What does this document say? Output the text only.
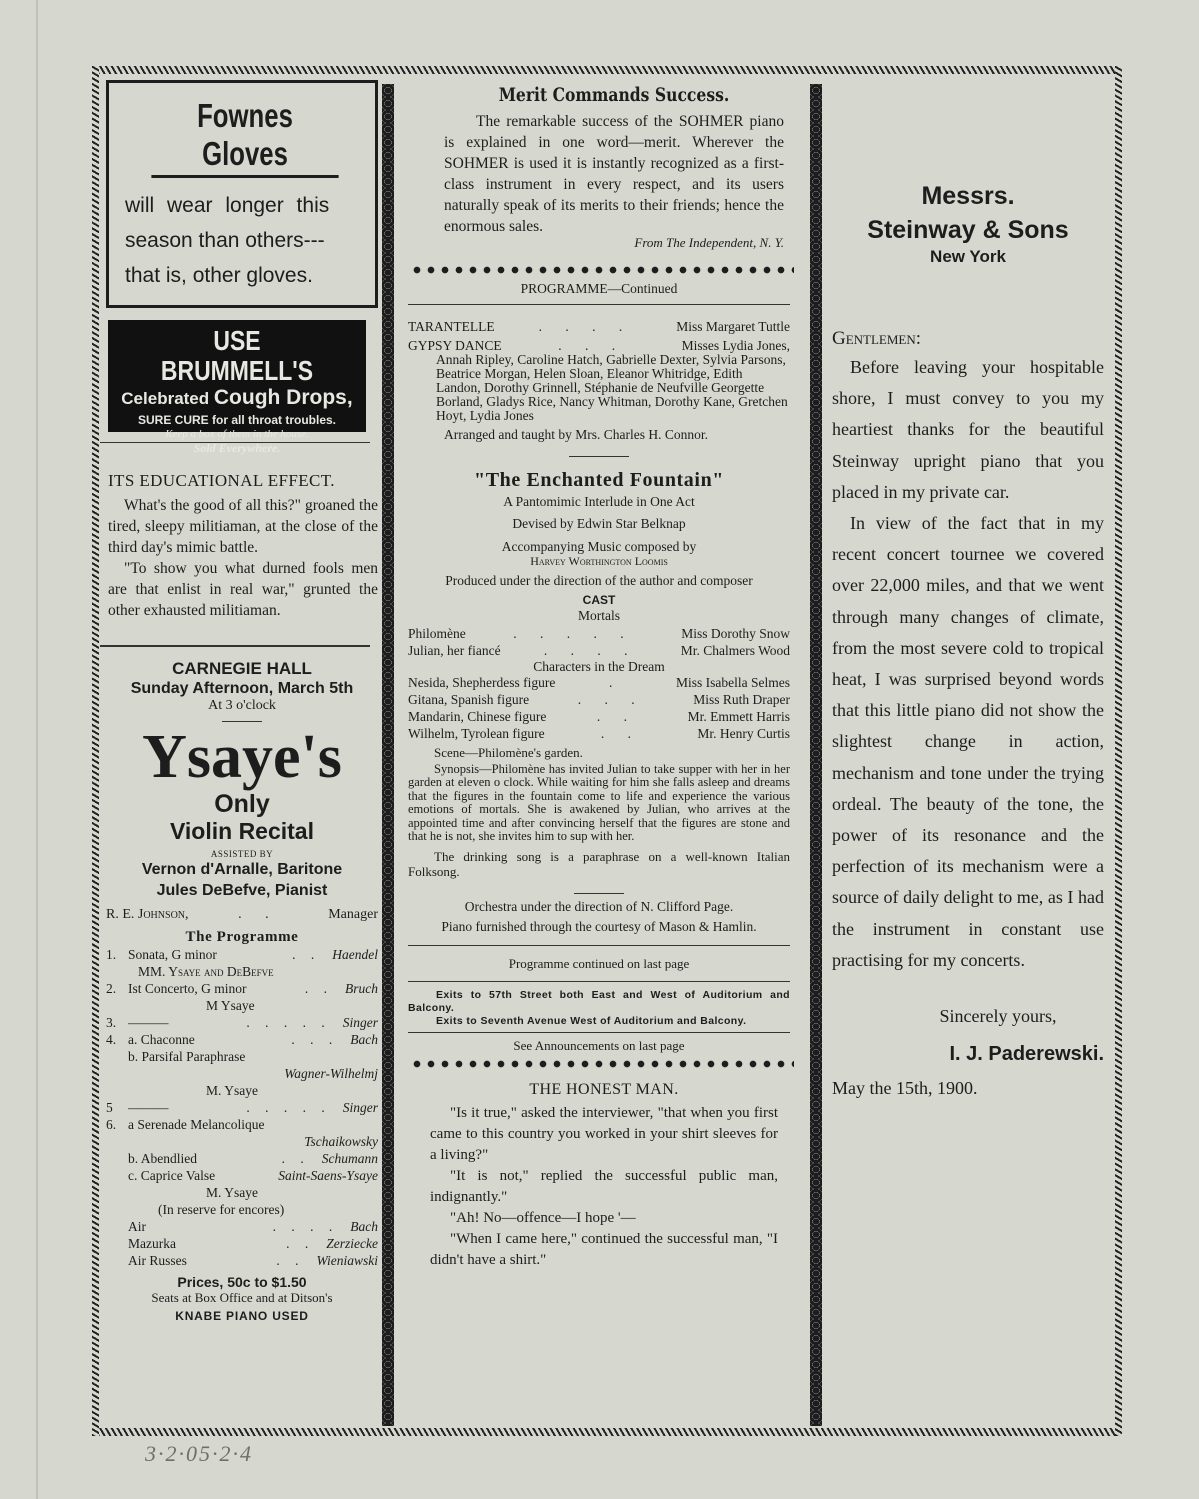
Fownes Gloves

will wear longer this

season than others---

that is, other gloves.

USE BRUMMELL'S
Celebrated Cough Drops,
SURE CURE for all throat troubles.
Keep a box of them in the house.
Sold Everywhere.

ITS EDUCATIONAL EFFECT.

What's the good of all this?" groaned the tired, sleepy militiaman, at the close of the third day's mimic battle.

"To show you what durned fools men are that enlist in real war," grunted the other exhausted militiaman.

CARNEGIE HALL
Sunday Afternoon, March 5th
At 3 o'clock
Ysaye's
Only
Violin Recital
ASSISTED BY
Vernon d'Arnalle, Baritone
Jules DeBefve, Pianist
R. E. Johnson,	. .	Manager
The Programme
1. Sonata, G minor	. . Haendel
MM. Ysaye and DeBefve
2. Ist Concerto, G minor	. . Bruch
M Ysaye
3. ———	. . . . . Singer
4. a. Chaconne	. . . Bach
b. Parsifal Paraphrase
Wagner-Wilhelmj
M. Ysaye
5	———	. . . . . Singer
6. a Serenade Melancolique
Tschaikowsky
b. Abendlied	. . Schumann
c. Caprice Valse	Saint-Saens-Ysaye
M. Ysaye
(In reserve for encores)
Air	. . . . Bach
Mazurka	. . Zerziecke
Air Russes	. . Wieniawski
Prices, 50c to $1.50
Seats at Box Office and at Ditson's
KNABE PIANO USED
Merit Commands Success.

The remarkable success of the SOHMER piano is explained in one word—merit. Wherever the SOHMER is used it is instantly recognized as a first-class instrument in every respect, and its users naturally speak of its merits to their friends; hence the enormous sales.

From The Independent, N. Y.
PROGRAMME—Continued
TARANTELLE	. . . .	Miss Margaret Tuttle
GYPSY DANCE	. . .	Misses Lydia Jones,

Annah Ripley, Caroline Hatch, Gabrielle Dexter, Sylvia Parsons, Beatrice Morgan, Helen Sloan, Eleanor Whitridge, Edith Landon, Dorothy Grinnell, Stéphanie de Neufville Georgette Borland, Gladys Rice, Nancy Whitman, Dorothy Kane, Gretchen Hoyt, Lydia Jones

Arranged and taught by Mrs. Charles H. Connor.

"The Enchanted Fountain"
A Pantomimic Interlude in One Act
Devised by Edwin Star Belknap
Accompanying Music composed by
Harvey Worthington Loomis
Produced under the direction of the author and composer
CAST
Mortals
Philomène	. . . . .	Miss Dorothy Snow
Julian, her fiancé	. . . .	Mr. Chalmers Wood
Characters in the Dream
Nesida, Shepherdess figure	.	Miss Isabella Selmes
Gitana, Spanish figure	. . .	Miss Ruth Draper
Mandarin, Chinese figure	. .	Mr. Emmett Harris
Wilhelm, Tyrolean figure	. .	Mr. Henry Curtis

Scene—Philomène's garden.

Synopsis—Philomène has invited Julian to take supper with her in her garden at eleven o clock. While waiting for him she falls asleep and dreams that the figures in the fountain come to life and experience the various emotions of mortals. She is awakened by Julian, who arrives at the appointed time and after convincing herself that the figures are stone and that he is not, she invites him to sup with her.

The drinking song is a paraphrase on a well-known Italian Folksong.

Orchestra under the direction of N. Clifford Page.
Piano furnished through the courtesy of Mason & Hamlin.
Programme continued on last page

Exits to 57th Street both East and West of Auditorium and Balcony.

Exits to Seventh Avenue West of Auditorium and Balcony.

See Announcements on last page
THE HONEST MAN.

"Is it true," asked the interviewer, "that when you first came to this country you worked in your shirt sleeves for a living?"

"It is not," replied the successful public man, indignantly."

"Ah! No—offence—I hope '—

"When I came here," continued the successful man, "I didn't have a shirt."

Messrs.
Steinway & Sons
New York
Gentlemen:

Before leaving your hospitable shore, I must convey to you my heartiest thanks for the beautiful Steinway upright piano that you placed in my private car.

In view of the fact that in my recent concert tournee we covered over 22,000 miles, and that we went through many changes of climate, from the most severe cold to tropical heat, I was surprised beyond words that this little piano did not show the slightest change in action, mechanism and tone under the trying ordeal. The beauty of the tone, the power of its resonance and the perfection of its mechanism were a source of daily delight to me, as I had the instrument in constant use practising for my concerts.

Sincerely yours,
I. J. Paderewski.
May the 15th, 1900.
3·2·05·2·4
